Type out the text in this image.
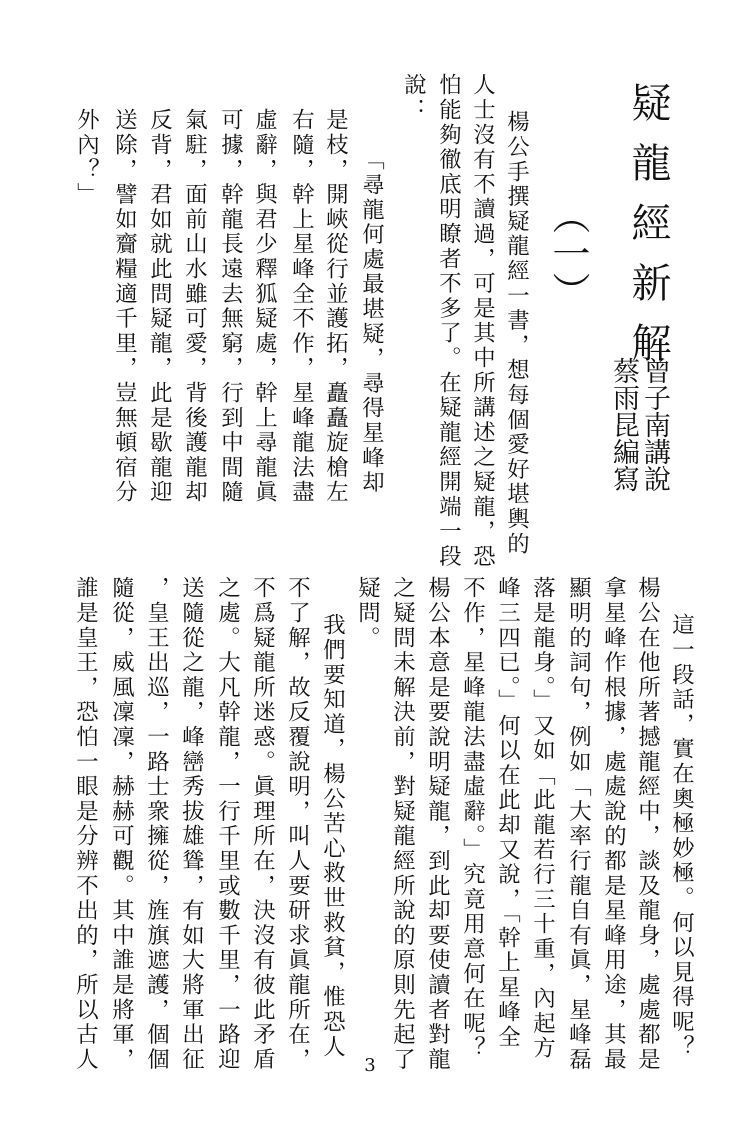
疑龍經新解
（一）
曾子南講說
蔡雨昆編寫
楊公手撰疑龍經一書，想每個愛好堪輿的
人士沒有不讀過，可是其中所講述之疑龍，恐
怕能夠徹底明瞭者不多了。在疑龍經開端一段
說：
「尋龍何處最堪疑，尋得星峰却
是枝，開峽從行並護拓，矗矗旋槍左
右隨，幹上星峰全不作，星峰龍法盡
虛辭，與君少釋狐疑處，幹上尋龍眞
可據，幹龍長遠去無窮，行到中間隨
氣駐，面前山水雖可愛，背後護龍却
反背，君如就此問疑龍，此是歇龍迎
送除，譬如齎糧適千里，豈無頓宿分
外內？」
這一段話，實在奧極妙極。何以見得呢？
楊公在他所著撼龍經中，談及龍身，處處都是
拿星峰作根據，處處說的都是星峰用途，其最
顯明的詞句，例如「大率行龍自有眞，星峰磊
落是龍身。」又如「此龍若行三十重，內起方
峰三四已。」何以在此却又說，「幹上星峰全
不作，星峰龍法盡虛辭。」究竟用意何在呢？
楊公本意是要說明疑龍，到此却要使讀者對龍
之疑問未解決前，對疑龍經所說的原則先起了
疑問。
我們要知道，楊公苦心救世救貧，惟恐人
不了解，故反覆說明，叫人要研求眞龍所在，
不爲疑龍所迷惑。眞理所在，決沒有彼此矛盾
之處。大凡幹龍，一行千里或數千里，一路迎
送隨從之龍，峰巒秀拔雄聳，有如大將軍出征
，皇王出巡，一路士衆擁從，旌旗遮護，個個
隨從，威風凜凜，赫赫可觀。其中誰是將軍，
誰是皇王，恐怕一眼是分辨不出的，所以古人	3
